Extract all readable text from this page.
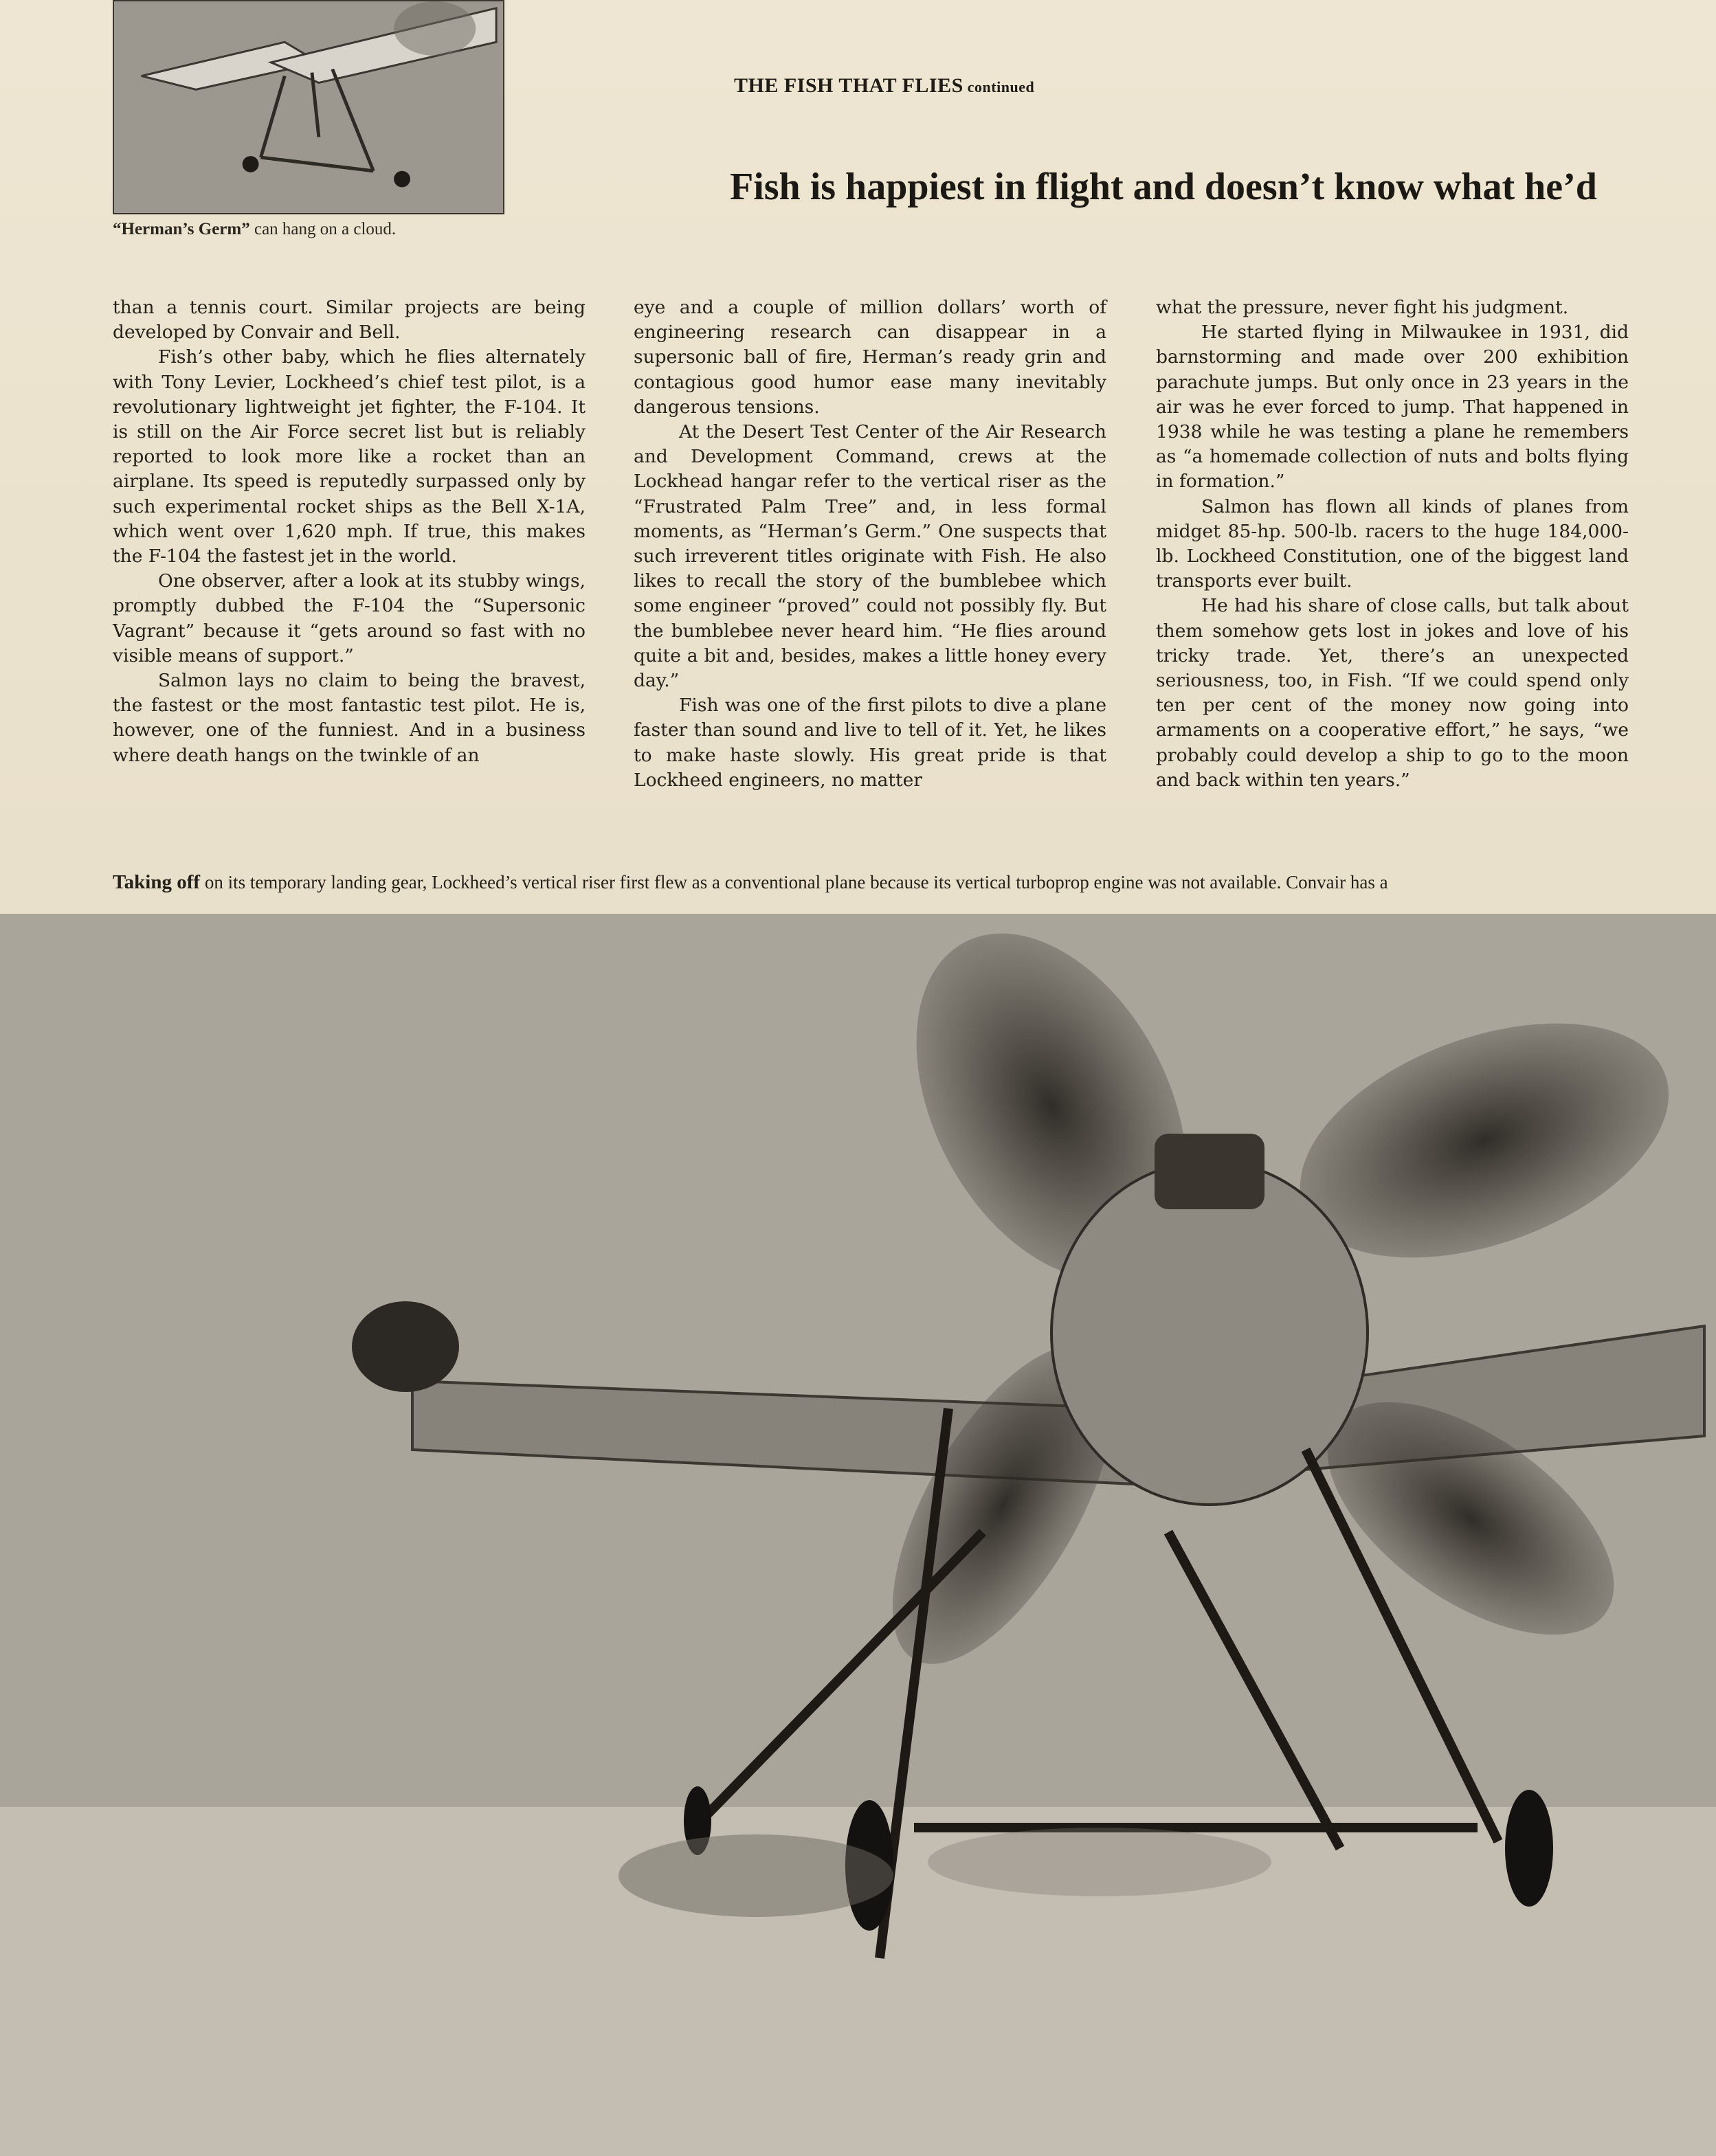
“Herman’s Germ” can hang on a cloud.
THE FISH THAT FLIES continued
Fish is happiest in flight and doesn’t know what he’d

than a tennis court. Similar projects are being developed by Convair and Bell.

Fish’s other baby, which he flies alternately with Tony Levier, Lockheed’s chief test pilot, is a revolutionary lightweight jet fighter, the F-104. It is still on the Air Force secret list but is reliably reported to look more like a rocket than an airplane. Its speed is reputedly surpassed only by such experimental rocket ships as the Bell X-1A, which went over 1,620 mph. If true, this makes the F-104 the fastest jet in the world.

One observer, after a look at its stubby wings, promptly dubbed the F-104 the “Supersonic Vagrant” because it “gets around so fast with no visible means of support.”

Salmon lays no claim to being the bravest, the fastest or the most fantastic test pilot. He is, however, one of the funniest. And in a business where death hangs on the twinkle of an

eye and a couple of million dollars’ worth of engineering research can disappear in a supersonic ball of fire, Herman’s ready grin and contagious good humor ease many inevitably dangerous tensions.

At the Desert Test Center of the Air Research and Development Command, crews at the Lockhead hangar refer to the vertical riser as the “Frustrated Palm Tree” and, in less formal moments, as “Herman’s Germ.” One suspects that such irreverent titles originate with Fish. He also likes to recall the story of the bumblebee which some engineer “proved” could not possibly fly. But the bumblebee never heard him. “He flies around quite a bit and, besides, makes a little honey every day.”

Fish was one of the first pilots to dive a plane faster than sound and live to tell of it. Yet, he likes to make haste slowly. His great pride is that Lockheed engineers, no matter

what the pressure, never fight his judgment.

He started flying in Milwaukee in 1931, did barnstorming and made over 200 exhibition parachute jumps. But only once in 23 years in the air was he ever forced to jump. That happened in 1938 while he was testing a plane he remembers as “a homemade collection of nuts and bolts flying in formation.”

Salmon has flown all kinds of planes from midget 85-hp. 500-lb. racers to the huge 184,000-lb. Lockheed Constitution, one of the biggest land transports ever built.

He had his share of close calls, but talk about them somehow gets lost in jokes and love of his tricky trade. Yet, there’s an unexpected seriousness, too, in Fish. “If we could spend only ten per cent of the money now going into armaments on a cooperative effort,” he says, “we probably could develop a ship to go to the moon and back within ten years.”

Taking off on its temporary landing gear, Lockheed’s vertical riser first flew as a conventional plane because its vertical turboprop engine was not available. Convair has a
